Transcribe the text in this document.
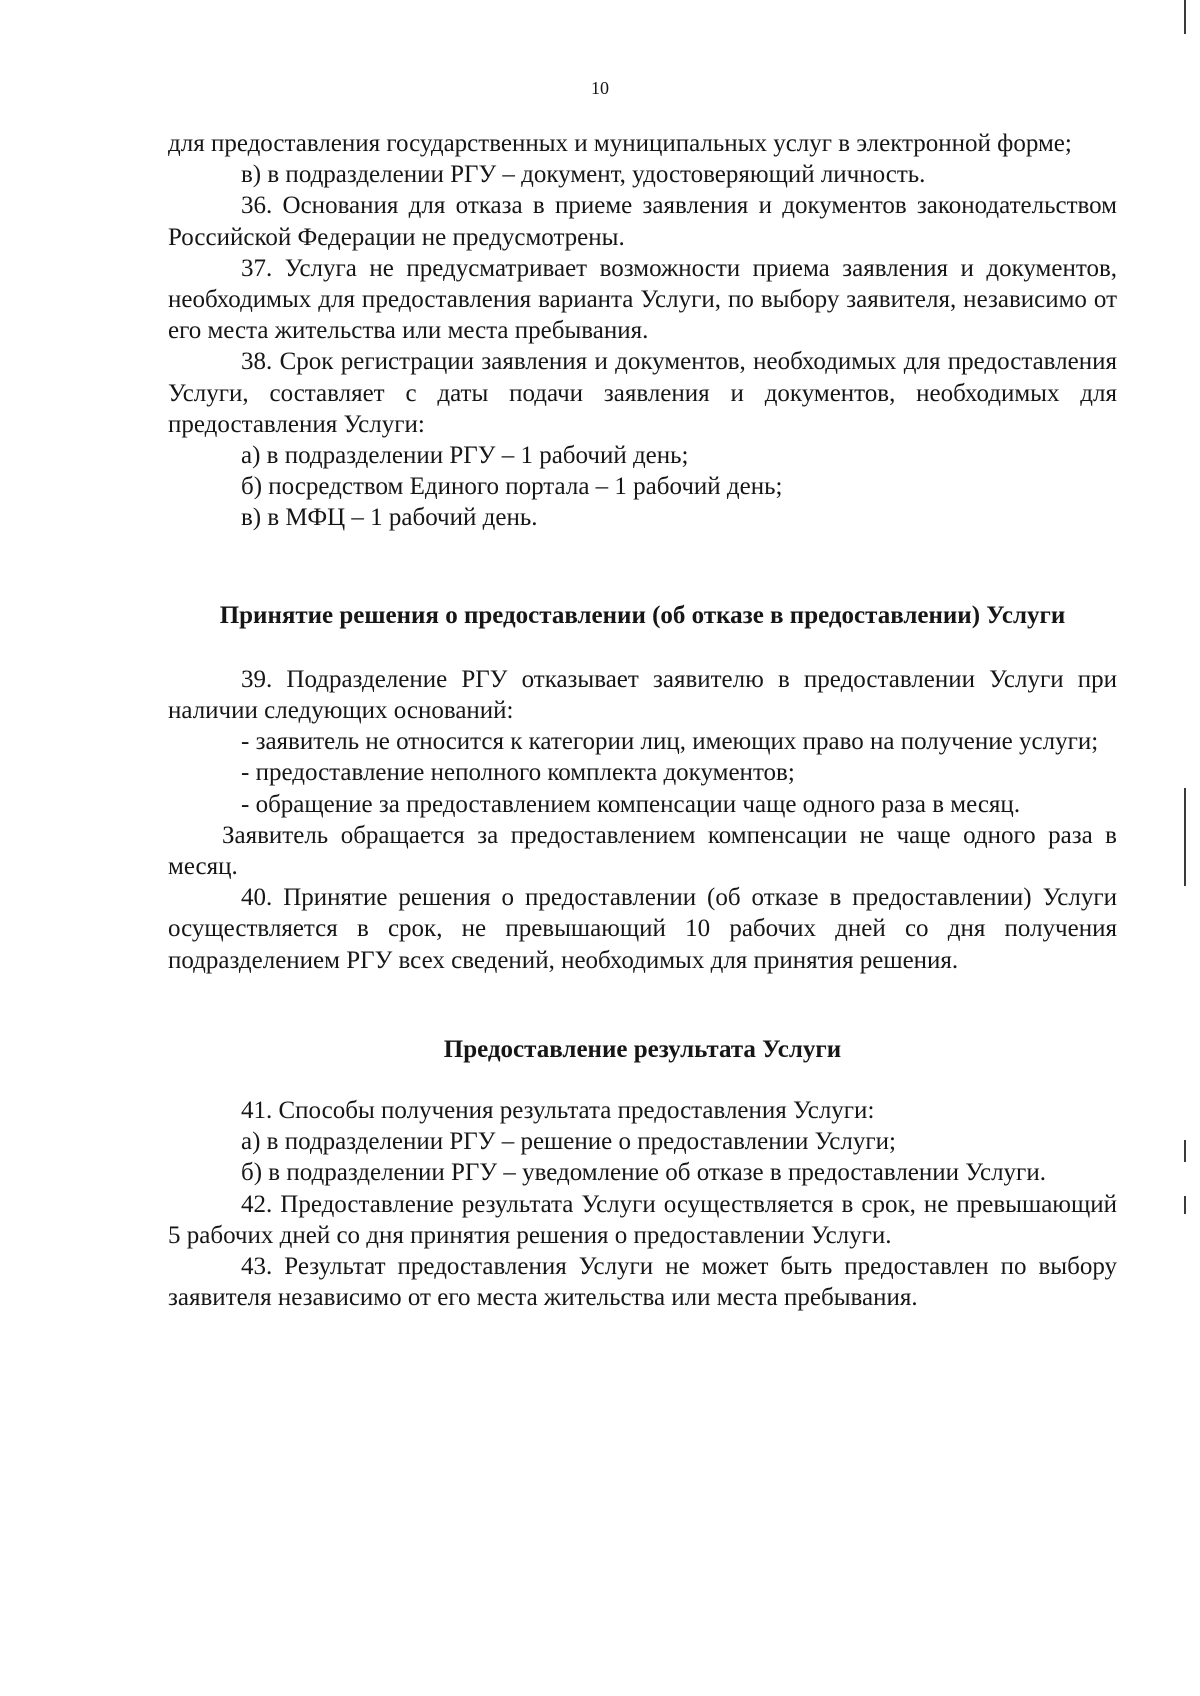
10

для предоставления государственных и муниципальных услуг в электронной форме;

в) в подразделении РГУ – документ, удостоверяющий личность.

36. Основания для отказа в приеме заявления и документов законодательством Российской Федерации не предусмотрены.

37. Услуга не предусматривает возможности приема заявления и документов, необходимых для предоставления варианта Услуги, по выбору заявителя, независимо от его места жительства или места пребывания.

38. Срок регистрации заявления и документов, необходимых для предоставления Услуги, составляет с даты подачи заявления и документов, необходимых для предоставления Услуги:

а) в подразделении РГУ – 1 рабочий день;

б) посредством Единого портала – 1 рабочий день;

в) в МФЦ – 1 рабочий день.

Принятие решения о предоставлении (об отказе в предоставлении) Услуги

39. Подразделение РГУ отказывает заявителю в предоставлении Услуги при наличии следующих оснований:

- заявитель не относится к категории лиц, имеющих право на получение услуги;

- предоставление неполного комплекта документов;

- обращение за предоставлением компенсации чаще одного раза в месяц.

Заявитель обращается за предоставлением компенсации не чаще одного раза в месяц.

40. Принятие решения о предоставлении (об отказе в предоставлении) Услуги осуществляется в срок, не превышающий 10 рабочих дней со дня получения подразделением РГУ всех сведений, необходимых для принятия решения.

Предоставление результата Услуги

41. Способы получения результата предоставления Услуги:

а) в подразделении РГУ – решение о предоставлении Услуги;

б) в подразделении РГУ – уведомление об отказе в предоставлении Услуги.

42. Предоставление результата Услуги осуществляется в срок, не превышающий 5 рабочих дней со дня принятия решения о предоставлении Услуги.

43. Результат предоставления Услуги не может быть предоставлен по выбору заявителя независимо от его места жительства или места пребывания.
